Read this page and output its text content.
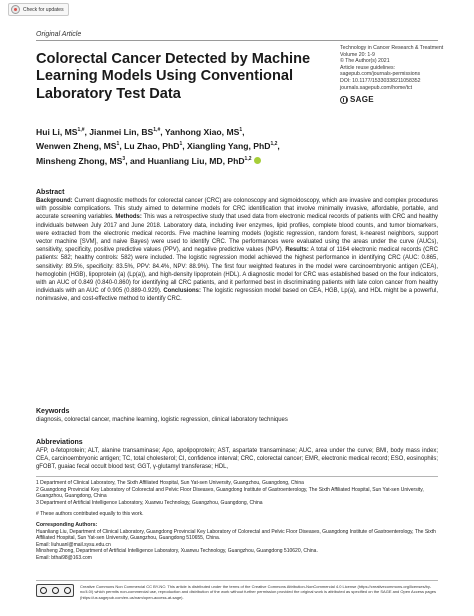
Check for updates
Original Article
Colorectal Cancer Detected by Machine Learning Models Using Conventional Laboratory Test Data
Technology in Cancer Research & Treatment
Volume 20: 1-9
© The Author(s) 2021
Article reuse guidelines:
sagepub.com/journals-permissions
DOI: 10.1177/15330338211058352
journals.sagepub.com/home/tct
SAGE
Hui Li, $MS^{1,\#}$, Jianmei Lin, $BS^{1,\#}$, Yanhong Xiao, $MS^1$,
Wenwen Zheng, $MS^1$, Lu Zhao, PhD$^1$, Xiangling Yang, PhD$^{1,2}$,
Minsheng Zhong, $MS^3$, and Huanliang Liu, MD, PhD$^{1,2}$
Abstract

Background: Current diagnostic methods for colorectal cancer (CRC) are colonoscopy and sigmoidoscopy, which are invasive and complex procedures with possible complications. This study aimed to determine models for CRC identification that involve minimally invasive, affordable, portable, and accurate screening variables. Methods: This was a retrospective study that used data from electronic medical records of patients with CRC and healthy individuals between July 2017 and June 2018. Laboratory data, including liver enzymes, lipid profiles, complete blood counts, and tumor biomarkers, were extracted from the electronic medical records. Five machine learning models (logistic regression, random forest, k-nearest neighbors, support vector machine [SVM], and naive Bayes) were used to identify CRC. The performances were evaluated using the areas under the curve (AUCs), sensitivity, specificity, positive predictive values (PPV), and negative predictive values (NPV). Results: A total of 1164 electronic medical records (CRC patients: 582; healthy controls: 582) were included. The logistic regression model achieved the highest performance in identifying CRC (AUC: 0.865, sensitivity: 89.5%, specificity: 83.5%, PPV: 84.4%, NPV: 88.9%). The first four weighted features in the model were carcinoembryonic antigen (CEA), hemoglobin (HGB), lipoprotein (a) (Lp(a)), and high-density lipoprotein (HDL). A diagnostic model for CRC was established based on the four indicators, with an AUC of 0.849 (0.840-0.860) for identifying all CRC patients, and it performed best in discriminating patients with late colon cancer from healthy individuals with an AUC of 0.905 (0.889-0.929). Conclusions: The logistic regression model based on CEA, HGB, Lp(a), and HDL might be a powerful, noninvasive, and cost-effective method to identify CRC.

Keywords

diagnosis, colorectal cancer, machine learning, logistic regression, clinical laboratory techniques

Abbreviations

AFP, α-fetoprotein; ALT, alanine transaminase; Apo, apolipoprotein; AST, aspartate transaminase; AUC, area under the curve; BMI, body mass index; CEA, carcinoembryonic antigen; TC, total cholesterol; CI, confidence interval; CRC, colorectal cancer; EMR, electronic medical record; ESO, eosinophils; gFOBT, guaiac fecal occult blood test; GGT, γ-glutamyl transferase; HDL,

1 Department of Clinical Laboratory, The Sixth Affiliated Hospital, Sun Yat-sen University, Guangzhou, Guangdong, China
2 Guangdong Provincial Key Laboratory of Colorectal and Pelvic Floor Diseases, Guangdong Institute of Gastroenterology, The Sixth Affiliated Hospital, Sun Yat-sen University, Guangzhou, Guangdong, China
3 Department of Artificial Intelligence Laboratory, Xuanwu Technology, Guangzhou, Guangdong, China
# These authors contributed equally to this work.
Corresponding Authors:
Huanliang Liu, Department of Clinical Laboratory, Guangdong Provincial Key Laboratory of Colorectal and Pelvic Floor Diseases, Guangdong Institute of Gastroenterology, The Sixth Affiliated Hospital, Sun Yat-sen University, Guangzhou, Guangdong 510655, China.
Email: liuhuanl@mail.sysu.edu.cn
Minsheng Zhong, Department of Artificial Intelligence Laboratory, Xuanwu Technology, Guangzhou, Guangdong 510620, China.
Email: bthai98@163.com
Creative Commons Non Commercial CC BY-NC: This article is distributed under the terms of the Creative Commons Attribution-NonCommercial 4.0 License (https://creativecommons.org/licenses/by-nc/4.0/) which permits non-commercial use, reproduction and distribution of the work without further permission provided the original work is attributed as specified on the SAGE and Open Access pages (https://us.sagepub.com/en-us/nam/open-access-at-sage).
